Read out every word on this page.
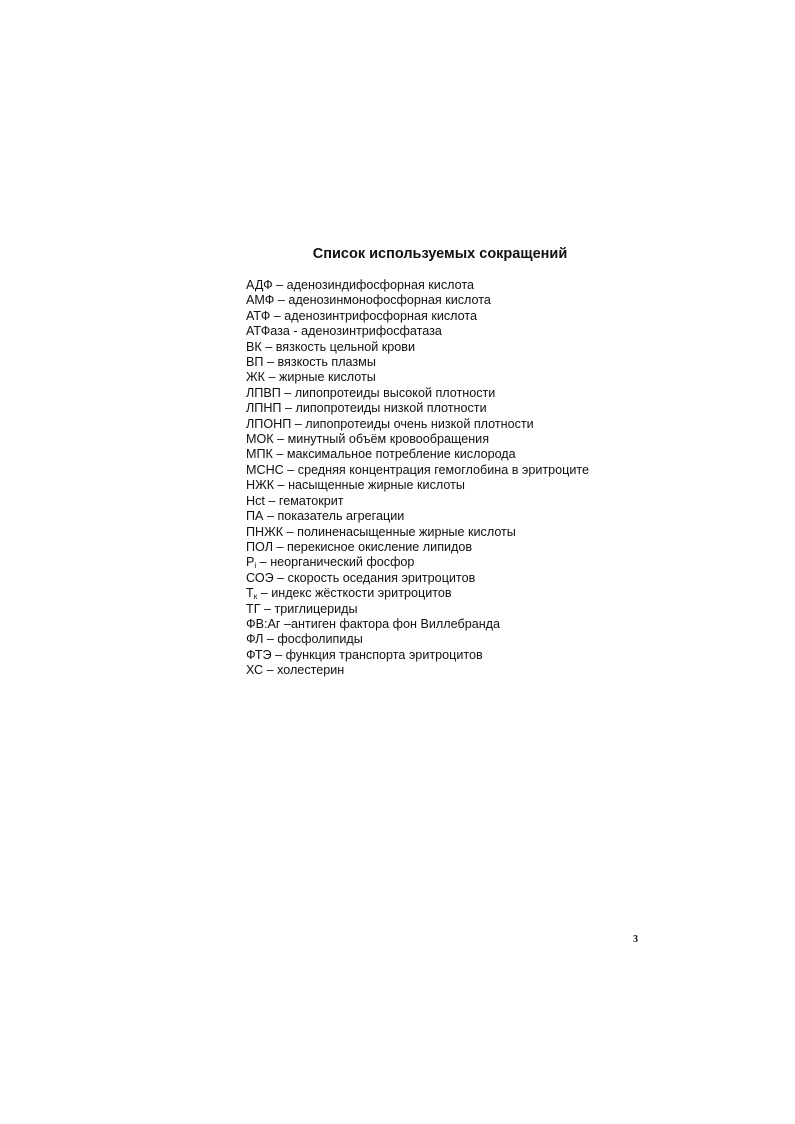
Список используемых сокращений
АДФ – аденозиндифосфорная кислота
АМФ – аденозинмонофосфорная кислота
АТФ – аденозинтрифосфорная кислота
АТФаза - аденозинтрифосфатаза
ВК – вязкость цельной крови
ВП – вязкость плазмы
ЖК – жирные кислоты
ЛПВП – липопротеиды высокой плотности
ЛПНП – липопротеиды низкой плотности
ЛПОНП – липопротеиды очень низкой плотности
МОК – минутный объём кровообращения
МПК – максимальное потребление кислорода
МСНС – средняя концентрация гемоглобина в эритроците
НЖК – насыщенные жирные кислоты
Hct – гематокрит
ПА – показатель агрегации
ПНЖК – полиненасыщенные жирные кислоты
ПОЛ – перекисное окисление липидов
$P_i$ – неорганический фосфор
СОЭ – скорость оседания эритроцитов
$Т_к$ – индекс жёсткости эритроцитов
ТГ – триглицериды
ФВ:Аг –антиген фактора фон Виллебранда
ФЛ – фосфолипиды
ФТЭ – функция транспорта эритроцитов
ХС – холестерин
3
